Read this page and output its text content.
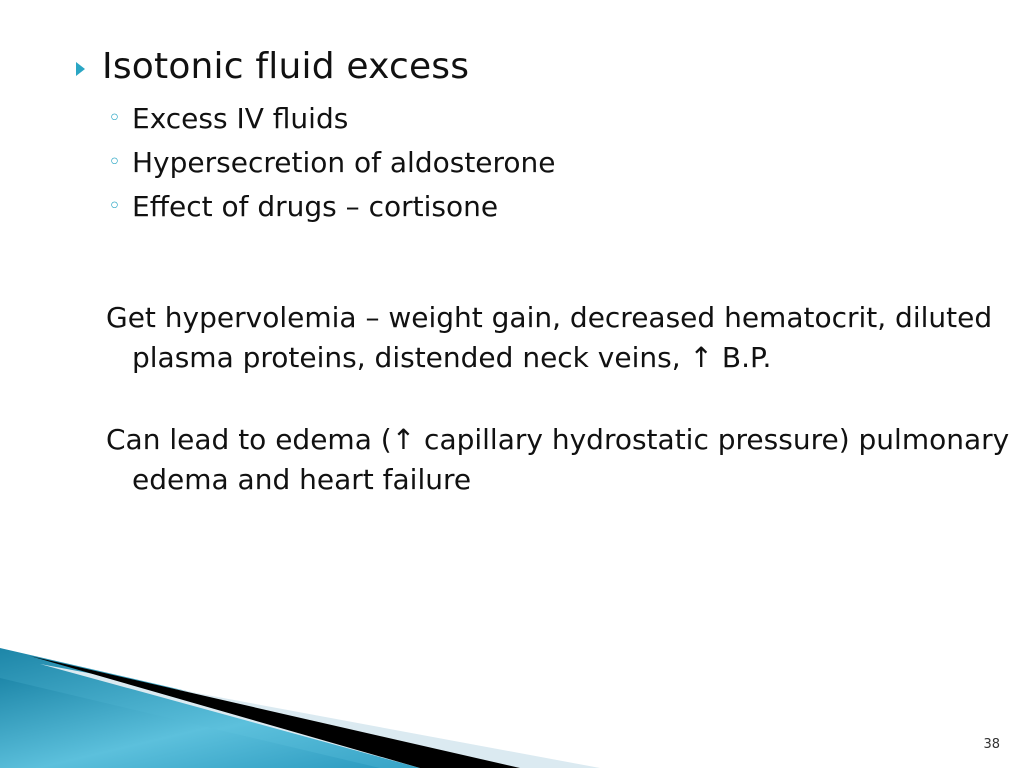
Isotonic fluid excess
◦ Excess IV fluids
◦ Hypersecretion of aldosterone
◦ Effect of drugs – cortisone

Get hypervolemia – weight gain, decreased hematocrit, diluted plasma proteins, distended neck veins, ↑ B.P.

Can lead to edema (↑ capillary hydrostatic pressure) pulmonary edema and heart failure

38
